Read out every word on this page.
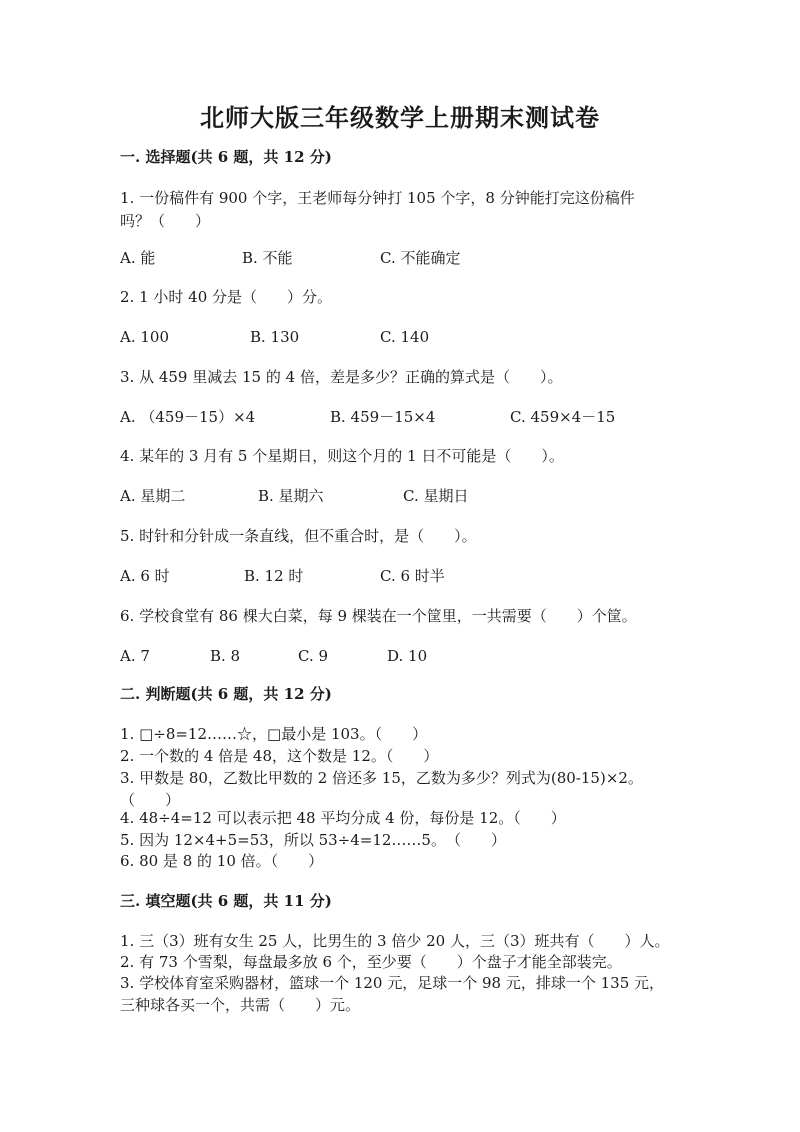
北师大版三年级数学上册期末测试卷
一. 选择题(共 6 题，共 12 分)
1. 一份稿件有 900 个字，王老师每分钟打 105 个字，8 分钟能打完这份稿件
吗？（　　）
A. 能	B. 不能	C. 不能确定
2. 1 小时 40 分是（　　）分。
A. 100	B. 130	C. 140
3. 从 459 里减去 15 的 4 倍，差是多少？正确的算式是（　　）。
A. （459－15）×4	B. 459－15×4	C. 459×4－15
4. 某年的 3 月有 5 个星期日，则这个月的 1 日不可能是（　　）。
A. 星期二	B. 星期六	C. 星期日
5. 时针和分针成一条直线，但不重合时，是（　　）。
A. 6 时	B. 12 时	C. 6 时半
6. 学校食堂有 86 棵大白菜，每 9 棵装在一个筐里，一共需要（　　）个筐。
A. 7	B. 8	C. 9	D. 10
二. 判断题(共 6 题，共 12 分)
1. □÷8=12……☆，□最小是 103。（　　）
2. 一个数的 4 倍是 48，这个数是 12。（　　）
3. 甲数是 80，乙数比甲数的 2 倍还多 15，乙数为多少？列式为(80-15)×2。
（　　）
4. 48÷4=12 可以表示把 48 平均分成 4 份，每份是 12。（　　）
5. 因为 12×4+5=53，所以 53÷4=12……5。　（　　）
6. 80 是 8 的 10 倍。（　　）
三. 填空题(共 6 题，共 11 分)
1. 三（3）班有女生 25 人，比男生的 3 倍少 20 人，三（3）班共有（　　）人。
2. 有 73 个雪梨，每盘最多放 6 个，至少要（　　）个盘子才能全部装完。
3. 学校体育室采购器材，篮球一个 120 元，足球一个 98 元，排球一个 135 元，
三种球各买一个，共需（　　）元。
